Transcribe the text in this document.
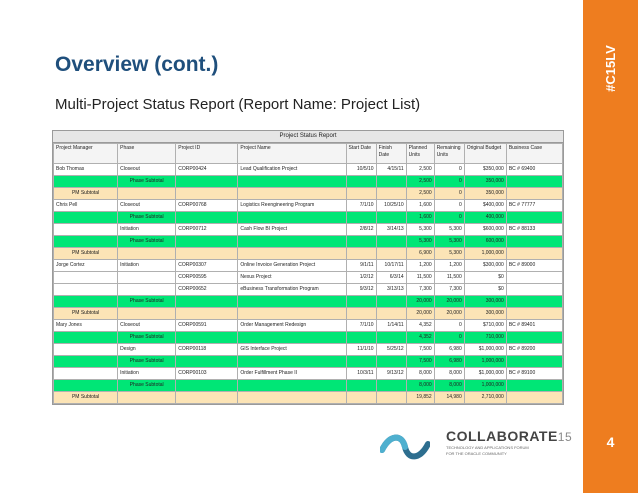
#C15LV
4
Overview (cont.)
Multi-Project Status Report (Report Name: Project List)
Project Status Report
Project Manager	Phase	Project ID	Project Name	Start Date	Finish Date	Planned Units	Remaining Units	Original Budget	Business Case
Bob Thomas	Closeout	CORP00424	Lead Qualification Project	10/5/10	4/15/11	2,500	0	$350,000	BC # 69400
	Phase Subtotal					2,500	0	350,000	
PM Subtotal						2,500	0	350,000	
Chris Pell	Closeout	CORP00768	Logistics Reengineering Program	7/1/10	10/25/10	1,600	0	$400,000	BC # 77777
	Phase Subtotal					1,600	0	400,000	
	Initiation	CORP00712	Cash Flow BI Project	2/8/12	3/14/13	5,300	5,300	$600,000	BC # 88133
	Phase Subtotal					5,300	5,300	600,000	
PM Subtotal						6,900	5,300	1,000,000	
Jorge Cortez	Initiation	CORP00307	Online Invoice Generation Project	9/1/11	10/17/11	1,200	1,200	$300,000	BC # 89000
		CORP00595	Nexus Project	1/2/12	6/3/14	11,500	11,500	$0	
		CORP00652	eBusiness Transformation Program	9/3/12	3/13/13	7,300	7,300	$0	
	Phase Subtotal					20,000	20,000	300,000	
PM Subtotal						20,000	20,000	300,000	
Mary Jones	Closeout	CORP00591	Order Management Redesign	7/1/10	1/14/11	4,352	0	$710,000	BC # 89401
	Phase Subtotal					4,352	0	710,000	
	Design	CORP00118	GIS Interface Project	11/1/10	5/25/12	7,500	6,980	$1,000,000	BC # 89200
	Phase Subtotal					7,500	6,980	1,000,000	
	Initiation	CORP00103	Order Fulfillment Phase II	10/3/11	9/13/12	8,000	8,000	$1,000,000	BC # 89100
	Phase Subtotal					8,000	8,000	1,000,000	
PM Subtotal						19,852	14,980	2,710,000	
COLLABORATE15
TECHNOLOGY AND APPLICATIONS FORUM
FOR THE ORACLE COMMUNITY
